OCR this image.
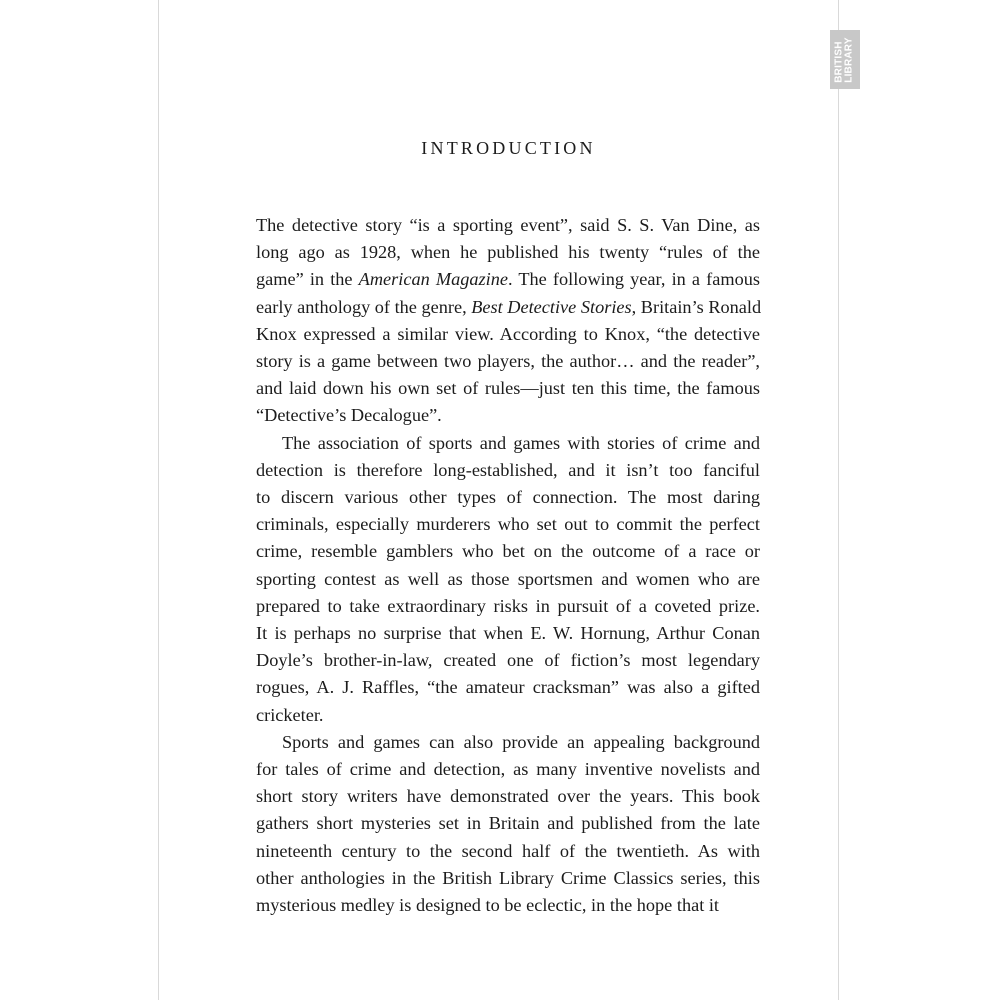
BRITISH LIBRARY
INTRODUCTION
The detective story “is a sporting event”, said S. S. Van Dine, as
long ago as 1928, when he published his twenty “rules of the
game” in the American Magazine. The following year, in a famous
early anthology of the genre, Best Detective Stories, Britain’s Ronald
Knox expressed a similar view. According to Knox, “the detective
story is a game between two players, the author… and the reader”,
and laid down his own set of rules—just ten this time, the famous
“Detective’s Decalogue”.
The association of sports and games with stories of crime and
detection is therefore long-established, and it isn’t too fanciful
to discern various other types of connection. The most daring
criminals, especially murderers who set out to commit the perfect
crime, resemble gamblers who bet on the outcome of a race or
sporting contest as well as those sportsmen and women who are
prepared to take extraordinary risks in pursuit of a coveted prize.
It is perhaps no surprise that when E. W. Hornung, Arthur Conan
Doyle’s brother-in-law, created one of fiction’s most legendary
rogues, A. J. Raffles, “the amateur cracksman” was also a gifted
cricketer.
Sports and games can also provide an appealing background
for tales of crime and detection, as many inventive novelists and
short story writers have demonstrated over the years. This book
gathers short mysteries set in Britain and published from the late
nineteenth century to the second half of the twentieth. As with
other anthologies in the British Library Crime Classics series, this
mysterious medley is designed to be eclectic, in the hope that it
